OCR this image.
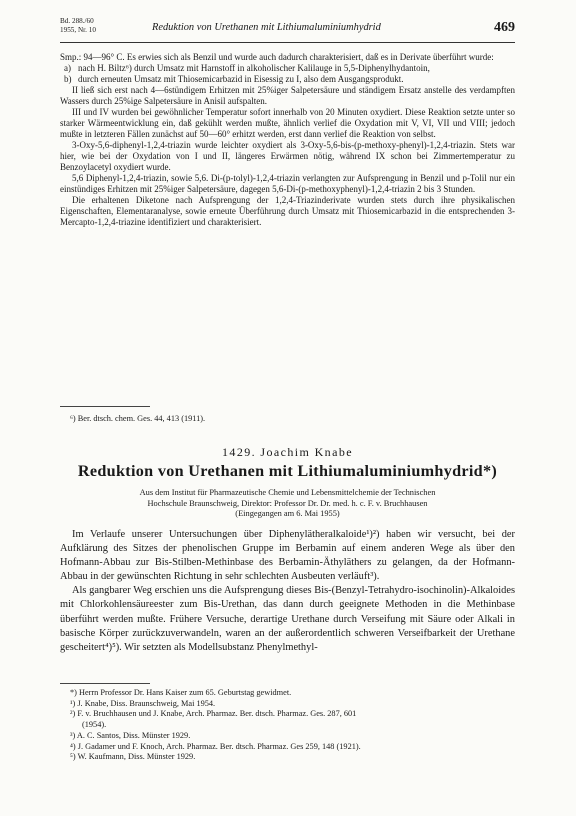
Bd. 288./60
1955, Nr. 10	Reduktion von Urethanen mit Lithiumaluminiumhydrid	469

Smp.: 94—96° C. Es erwies sich als Benzil und wurde auch dadurch charakterisiert, daß es in Derivate überführt wurde:

a) nach H. Biltz⁶) durch Umsatz mit Harnstoff in alkoholischer Kalilauge in 5,5-Diphenylhydantoin,
b) durch erneuten Umsatz mit Thiosemicarbazid in Eisessig zu I, also dem Ausgangsprodukt.

II ließ sich erst nach 4—6stündigem Erhitzen mit 25%iger Salpetersäure und ständigem Ersatz anstelle des verdampften Wassers durch 25%ige Salpetersäure in Anisil aufspalten.

III und IV wurden bei gewöhnlicher Temperatur sofort innerhalb von 20 Minuten oxydiert. Diese Reaktion setzte unter so starker Wärmeentwicklung ein, daß gekühlt werden mußte, ähnlich verlief die Oxydation mit V, VI, VII und VIII; jedoch mußte in letzteren Fällen zunächst auf 50—60° erhitzt werden, erst dann verlief die Reaktion von selbst.

3-Oxy-5,6-diphenyl-1,2,4-triazin wurde leichter oxydiert als 3-Oxy-5,6-bis-(p-methoxy-phenyl)-1,2,4-triazin. Stets war hier, wie bei der Oxydation von I und II, längeres Erwärmen nötig, während IX schon bei Zimmertemperatur zu Benzoylacetyl oxydiert wurde.

5,6 Diphenyl-1,2,4-triazin, sowie 5,6. Di-(p-tolyl)-1,2,4-triazin verlangten zur Aufsprengung in Benzil und p-Tolil nur ein einstündiges Erhitzen mit 25%iger Salpetersäure, dagegen 5,6-Di-(p-methoxyphenyl)-1,2,4-triazin 2 bis 3 Stunden.

Die erhaltenen Diketone nach Aufsprengung der 1,2,4-Triazinderivate wurden stets durch ihre physikalischen Eigenschaften, Elementaranalyse, sowie erneute Überführung durch Umsatz mit Thiosemicarbazid in die entsprechenden 3-Mercapto-1,2,4-triazine identifiziert und charakterisiert.

⁶) Ber. dtsch. chem. Ges. 44, 413 (1911).
1429. Joachim Knabe
Reduktion von Urethanen mit Lithiumaluminiumhydrid*)
Aus dem Institut für Pharmazeutische Chemie und Lebensmittelchemie der Technischen
Hochschule Braunschweig, Direktor: Professor Dr. Dr. med. h. c. F. v. Bruchhausen
(Eingegangen am 6. Mai 1955)

Im Verlaufe unserer Untersuchungen über Diphenylätheralkaloide¹)²) haben wir versucht, bei der Aufklärung des Sitzes der phenolischen Gruppe im Berbamin auf einem anderen Wege als über den Hofmann-Abbau zur Bis-Stilben-Methinbase des Berbamin-Äthyläthers zu gelangen, da der Hofmann-Abbau in der gewünschten Richtung in sehr schlechten Ausbeuten verläuft³).

Als gangbarer Weg erschien uns die Aufsprengung dieses Bis-(Benzyl-Tetrahydro-isochinolin)-Alkaloides mit Chlorkohlensäureester zum Bis-Urethan, das dann durch geeignete Methoden in die Methinbase überführt werden mußte. Frühere Versuche, derartige Urethane durch Verseifung mit Säure oder Alkali in basische Körper zurückzuverwandeln, waren an der außerordentlich schweren Verseifbarkeit der Urethane gescheitert⁴)⁵). Wir setzten als Modellsubstanz Phenylmethyl-

*) Herrn Professor Dr. Hans Kaiser zum 65. Geburtstag gewidmet.
¹) J. Knabe, Diss. Braunschweig, Mai 1954.
²) F. v. Bruchhausen und J. Knabe, Arch. Pharmaz. Ber. dtsch. Pharmaz. Ges. 287, 601
(1954).
³) A. C. Santos, Diss. Münster 1929.
⁴) J. Gadamer und F. Knoch, Arch. Pharmaz. Ber. dtsch. Pharmaz. Ges 259, 148 (1921).
⁵) W. Kaufmann, Diss. Münster 1929.
